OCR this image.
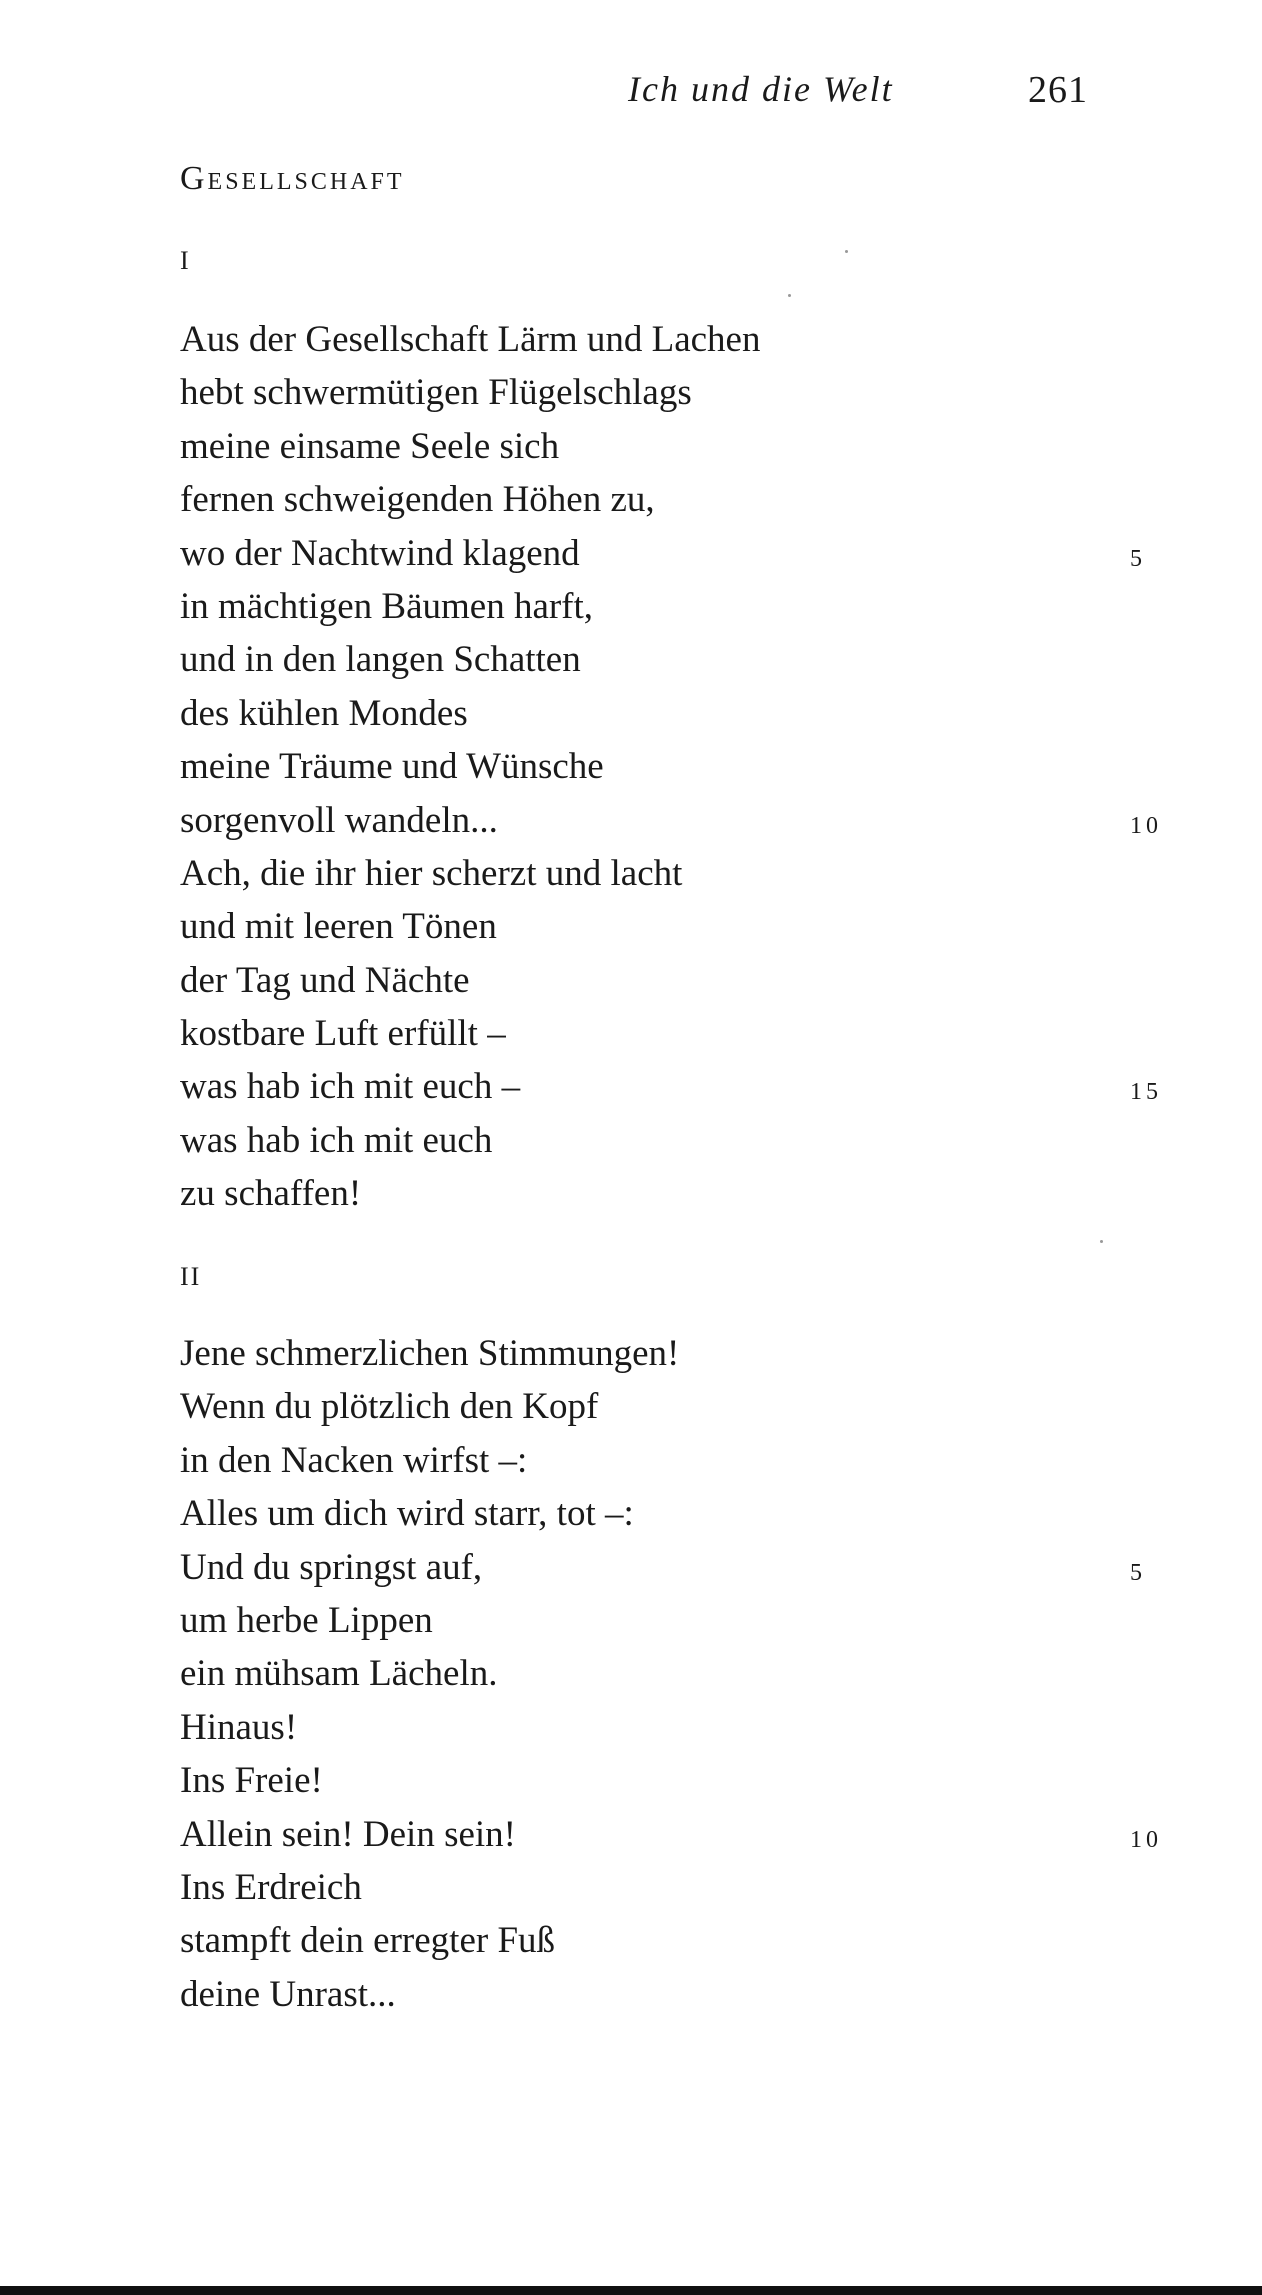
Ich und die Welt	261
Gesellschaft
I
Aus der Gesellschaft Lärm und Lachen
hebt schwermütigen Flügelschlags
meine einsame Seele sich
fernen schweigenden Höhen zu,
wo der Nachtwind klagend	5
in mächtigen Bäumen harft,
und in den langen Schatten
des kühlen Mondes
meine Träume und Wünsche
sorgenvoll wandeln...	10
Ach, die ihr hier scherzt und lacht
und mit leeren Tönen
der Tag und Nächte
kostbare Luft erfüllt –
was hab ich mit euch –	15
was hab ich mit euch
zu schaffen!
II
Jene schmerzlichen Stimmungen!
Wenn du plötzlich den Kopf
in den Nacken wirfst –:
Alles um dich wird starr, tot –:
Und du springst auf,	5
um herbe Lippen
ein mühsam Lächeln.
Hinaus!
Ins Freie!
Allein sein! Dein sein!	10
Ins Erdreich
stampft dein erregter Fuß
deine Unrast...
